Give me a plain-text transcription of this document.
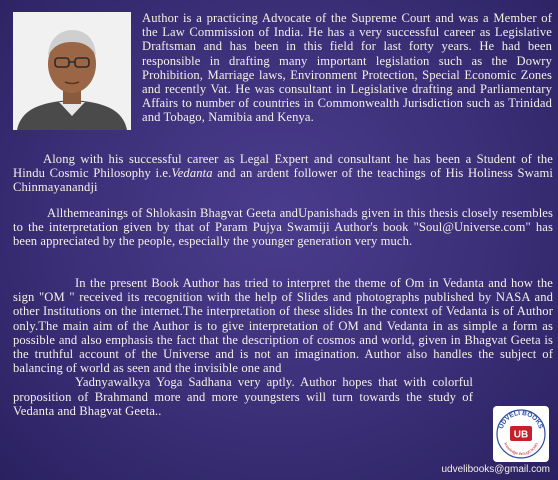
Author is a practicing Advocate of the Supreme Court and was a Member of the Law Commission of India. He has a very successful career as Legislative Draftsman and has been in this field for last forty years. He had been responsible in drafting many important legislation such as the Dowry Prohibition, Marriage laws, Environment Protection, Special Economic Zones and recently Vat. He was consultant in Legislative drafting and Parliamentary Affairs to number of countries in Commonwealth Jurisdiction such as Trinidad and Tobago, Namibia and Kenya.

Along with his successful career as Legal Expert and consultant he has been a Student of the Hindu Cosmic Philosophy i.e.Vedanta and an ardent follower of the teachings of His Holiness Swami Chinmayanandji

Allthemeanings of Shlokasin Bhagvat Geeta andUpanishads given in this thesis closely resembles to the interpretation given by that of Param Pujya Swamiji Author's book "Soul@Universe.com" has been appreciated by the people, especially the younger generation very much.

In the present Book Author has tried to interpret the theme of Om in Vedanta and how the sign "OM " received its recognition with the help of Slides and photographs published by NASA and other Institutions on the internet.The interpretation of these slides In the context of Vedanta is of Author only.The main aim of the Author is to give interpretation of OM and Vedanta in as simple a form as possible and also emphasis the fact that the description of cosmos and world, given in Bhagvat Geeta is the truthful account of the Universe and is not an imagination. Author also handles the subject of balancing of world as seen and the invisible one and
Yadnyawalkya Yoga Sadhana very aptly. Author hopes that with colorful proposition of Brahmand more and more youngsters will turn towards the study of Vedanta and Bhagvat Geeta..
UDVELI BOOKS
UB
knowledge through books
udvelibooks@gmail.com
